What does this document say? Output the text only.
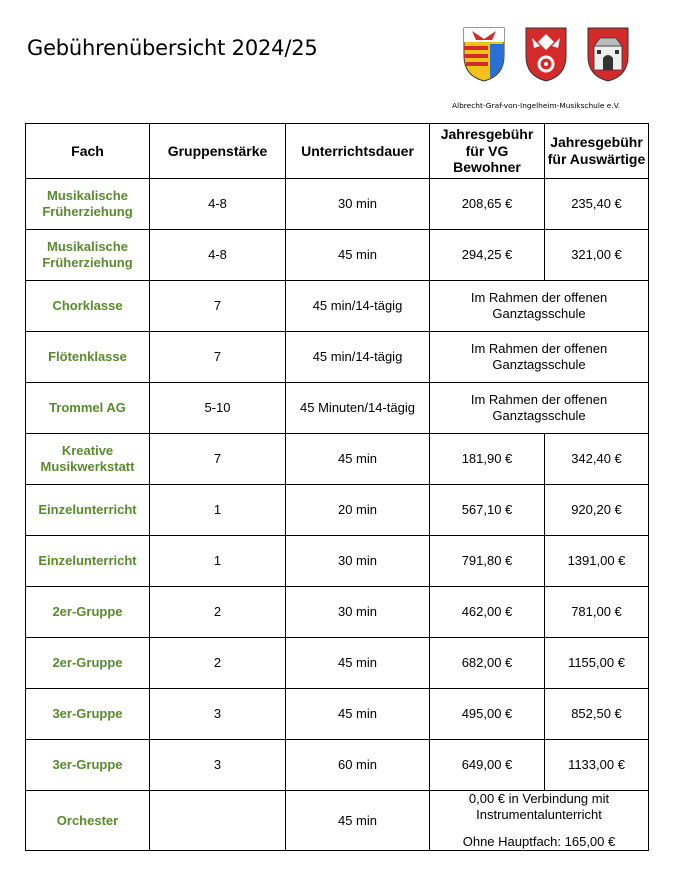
Gebührenübersicht 2024/25
Albrecht-Graf-von-Ingelheim-Musikschule e.V.
Fach	Gruppenstärke	Unterrichtsdauer	Jahresgebühr für VG Bewohner	Jahresgebühr für Auswärtige
Musikalische Früherziehung	4-8	30 min	208,65 €	235,40 €
Musikalische Früherziehung	4-8	45 min	294,25 €	321,00 €
Chorklasse	7	45 min/14-tägig	Im Rahmen der offenen Ganztagsschule	
Flötenklasse	7	45 min/14-tägig	Im Rahmen der offenen Ganztagsschule	
Trommel AG	5-10	45 Minuten/14-tägig	Im Rahmen der offenen Ganztagsschule	
Kreative Musikwerkstatt	7	45 min	181,90 €	342,40 €
Einzelunterricht	1	20 min	567,10 €	920,20 €
Einzelunterricht	1	30 min	791,80 €	1391,00 €
2er-Gruppe	2	30 min	462,00 €	781,00 €
2er-Gruppe	2	45 min	682,00 €	1155,00 €
3er-Gruppe	3	45 min	495,00 €	852,50 €
3er-Gruppe	3	60 min	649,00 €	1133,00 €
Orchester		45 min	0,00 € in Verbindung mit Instrumentalunterricht
Ohne Hauptfach: 165,00 €	
